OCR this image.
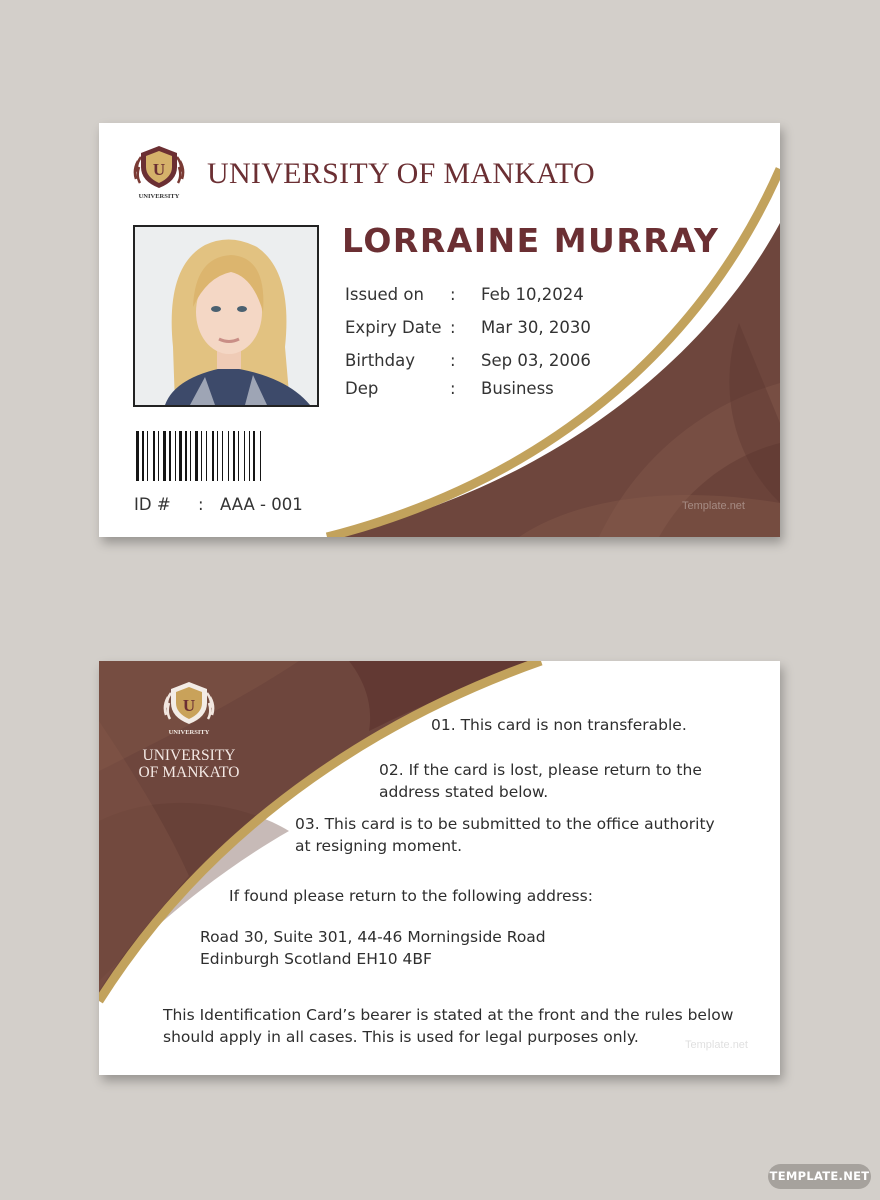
U
UNIVERSITY
UNIVERSITY OF MANKATO
LORRAINE MURRAY
Issued on : Feb 10,2024
Expiry Date : Mar 30, 2030
Birthday : Sep 03, 2006
Dep	: Business
ID # : AAA - 001	Template.net
U
UNIVERSITY
UNIVERSITY
OF MANKATO
01. This card is non transferable.
02. If the card is lost, please return to the
address stated below.
03. This card is to be submitted to the office authority
at resigning moment.
If found please return to the following address:
Road 30, Suite 301, 44-46 Morningside Road
Edinburgh Scotland EH10 4BF
This Identification Card’s bearer is stated at the front and the rules below
should apply in all cases. This is used for legal purposes only.	Template.net
TEMPLATE.NET
